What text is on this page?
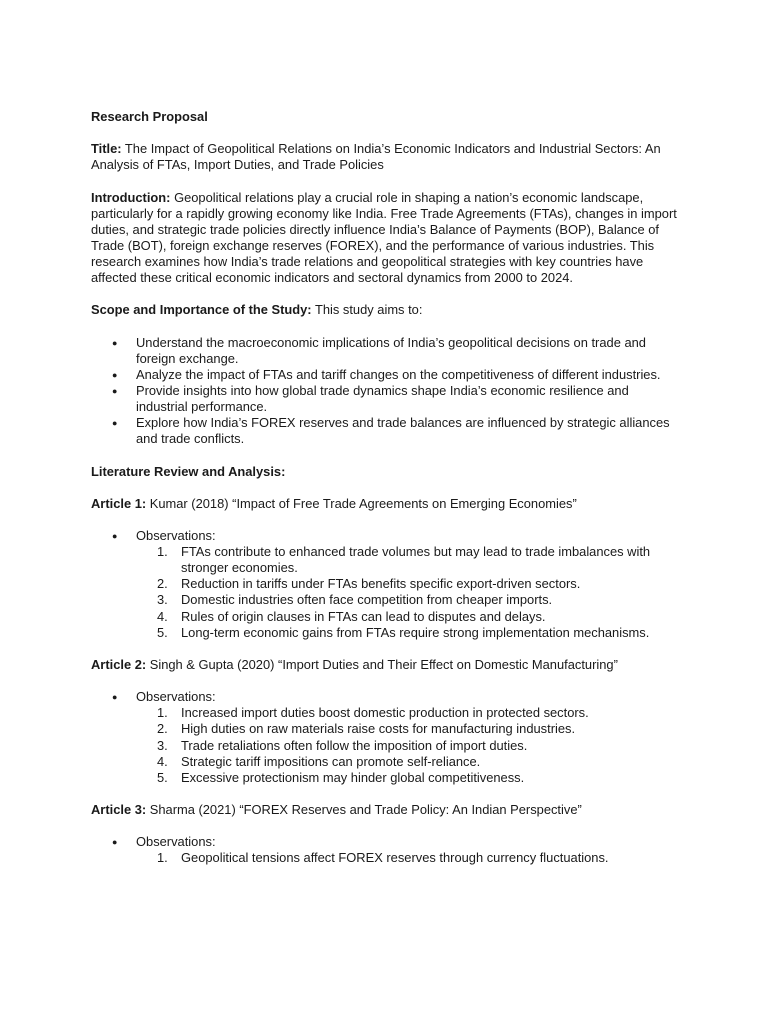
Research Proposal

Title: The Impact of Geopolitical Relations on India’s Economic Indicators and Industrial Sectors: An Analysis of FTAs, Import Duties, and Trade Policies

Introduction: Geopolitical relations play a crucial role in shaping a nation’s economic landscape, particularly for a rapidly growing economy like India. Free Trade Agreements (FTAs), changes in import duties, and strategic trade policies directly influence India’s Balance of Payments (BOP), Balance of Trade (BOT), foreign exchange reserves (FOREX), and the performance of various industries. This research examines how India’s trade relations and geopolitical strategies with key countries have affected these critical economic indicators and sectoral dynamics from 2000 to 2024.

Scope and Importance of the Study: This study aims to:

● Understand the macroeconomic implications of India’s geopolitical decisions on trade and foreign exchange.
● Analyze the impact of FTAs and tariff changes on the competitiveness of different industries.
● Provide insights into how global trade dynamics shape India’s economic resilience and industrial performance.
● Explore how India’s FOREX reserves and trade balances are influenced by strategic alliances and trade conflicts.

Literature Review and Analysis:

Article 1: Kumar (2018) “Impact of Free Trade Agreements on Emerging Economies”

● Observations:
1. FTAs contribute to enhanced trade volumes but may lead to trade imbalances with stronger economies.
2. Reduction in tariffs under FTAs benefits specific export-driven sectors.
3. Domestic industries often face competition from cheaper imports.
4. Rules of origin clauses in FTAs can lead to disputes and delays.
5. Long-term economic gains from FTAs require strong implementation mechanisms.

Article 2: Singh & Gupta (2020) “Import Duties and Their Effect on Domestic Manufacturing”

● Observations:
1. Increased import duties boost domestic production in protected sectors.
2. High duties on raw materials raise costs for manufacturing industries.
3. Trade retaliations often follow the imposition of import duties.
4. Strategic tariff impositions can promote self-reliance.
5. Excessive protectionism may hinder global competitiveness.

Article 3: Sharma (2021) “FOREX Reserves and Trade Policy: An Indian Perspective”

● Observations:
1. Geopolitical tensions affect FOREX reserves through currency fluctuations.
